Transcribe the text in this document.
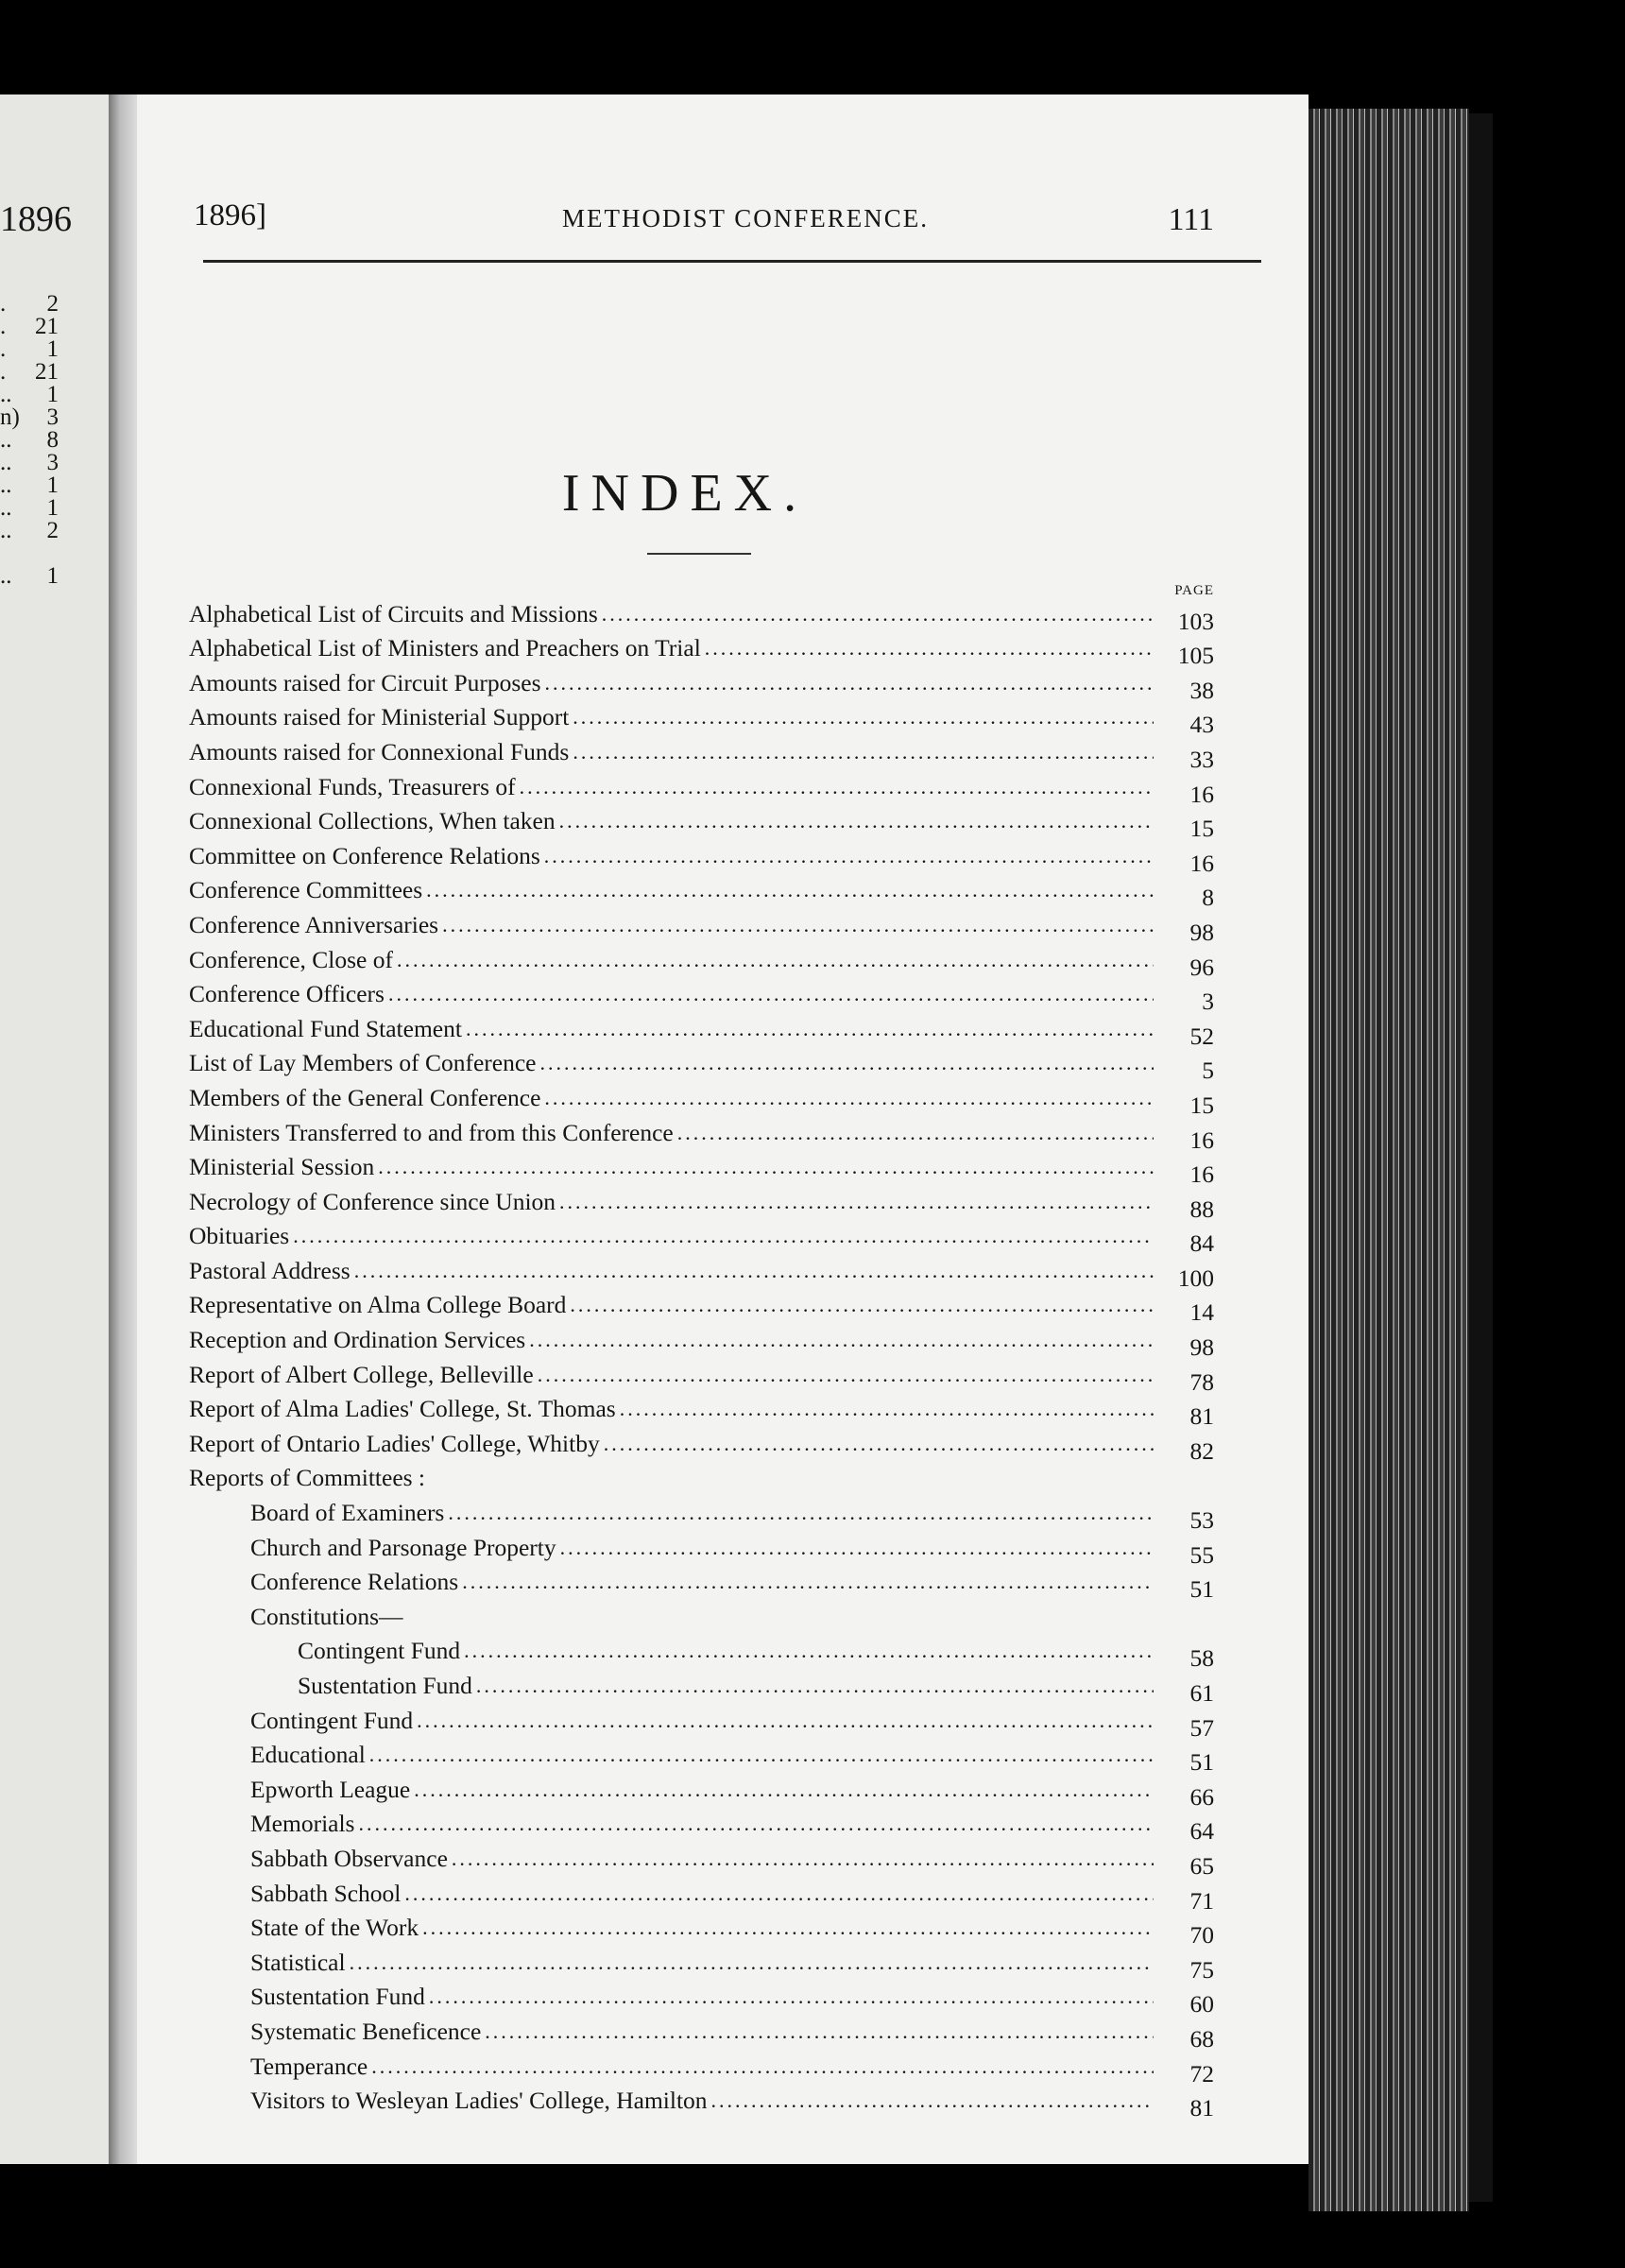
1896
. 2
. 21
. 1
. 21
.. 1
n) 3
.. 8
.. 3
.. 1
.. 1
.. 2
.. 1
1896]	METHODIST CONFERENCE.	111
INDEX.
PAGE
Alphabetical List of Circuits and Missions .....	103
Alphabetical List of Ministers and Preachers on Trial .....	105
Amounts raised for Circuit Purposes .....	38
Amounts raised for Ministerial Support .....	43
Amounts raised for Connexional Funds .....	33
Connexional Funds, Treasurers of .....	16
Connexional Collections, When taken .....	15
Committee on Conference Relations .....	16
Conference Committees .....	8
Conference Anniversaries .....	98
Conference, Close of .....	96
Conference Officers .....	3
Educational Fund Statement .....	52
List of Lay Members of Conference .....	5
Members of the General Conference .....	15
Ministers Transferred to and from this Conference .....	16
Ministerial Session .....	16
Necrology of Conference since Union .....	88
Obituaries .....	84
Pastoral Address .....	100
Representative on Alma College Board .....	14
Reception and Ordination Services .....	98
Report of Albert College, Belleville .....	78
Report of Alma Ladies' College, St. Thomas .....	81
Report of Ontario Ladies' College, Whitby .....	82
Reports of Committees :
Board of Examiners .....	53
Church and Parsonage Property .....	55
Conference Relations .....	51
Constitutions—
Contingent Fund .....	58
Sustentation Fund .....	61
Contingent Fund .....	57
Educational .....	51
Epworth League .....	66
Memorials .....	64
Sabbath Observance .....	65
Sabbath School .....	71
State of the Work .....	70
Statistical .....	75
Sustentation Fund .....	60
Systematic Beneficence .....	68
Temperance .....	72
Visitors to Wesleyan Ladies' College, Hamilton .....	81
